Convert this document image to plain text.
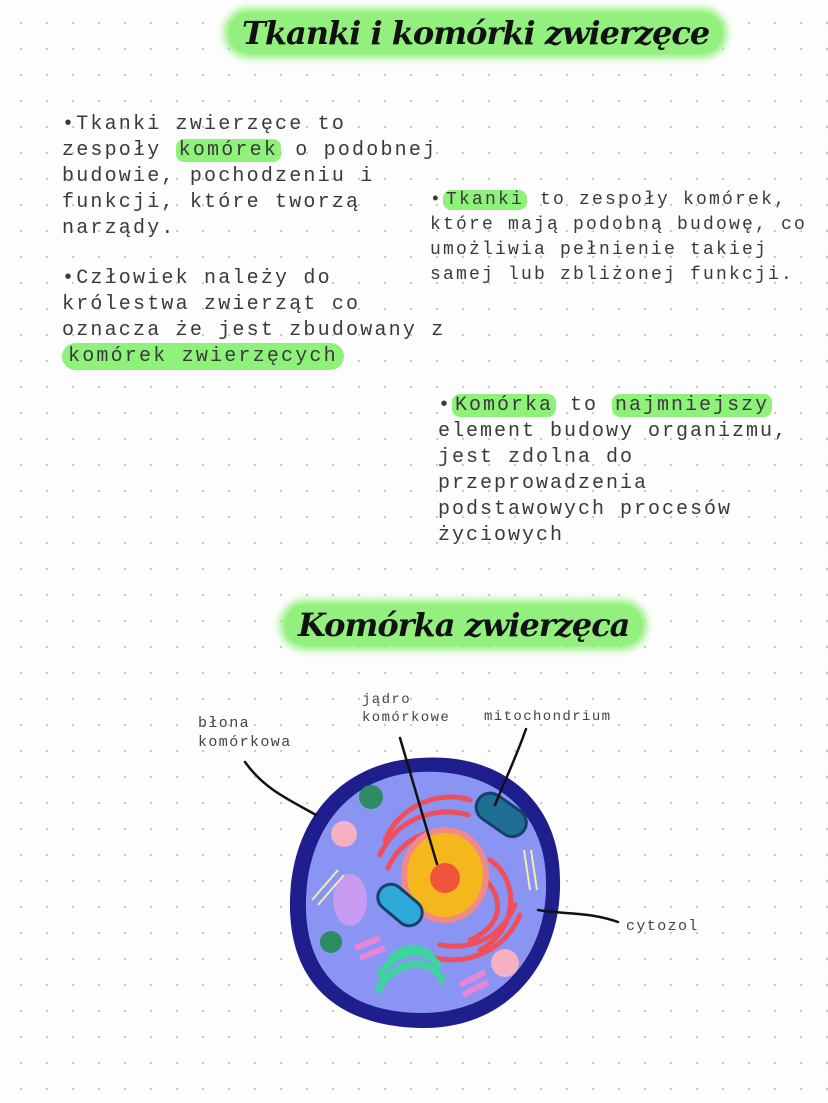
Tkanki i komórki zwierzęce
•Tkanki zwierzęce to
zespoły komórek o podobnej
budowie, pochodzeniu i
funkcji, które tworzą
narządy.
•Człowiek należy do
królestwa zwierząt co
oznacza że jest zbudowany z
komórek zwierzęcych
• Tkanki to zespoły komórek,
które mają podobną budowę, co
umożliwia pełnienie takiej
samej lub zbliżonej funkcji.
• Komórka to najmniejszy
element budowy organizmu,
jest zdolna do
przeprowadzenia
podstawowych procesów
życiowych
Komórka zwierzęca
błona
komórkowa
jądro
komórkowe mitochondrium
cytozol
